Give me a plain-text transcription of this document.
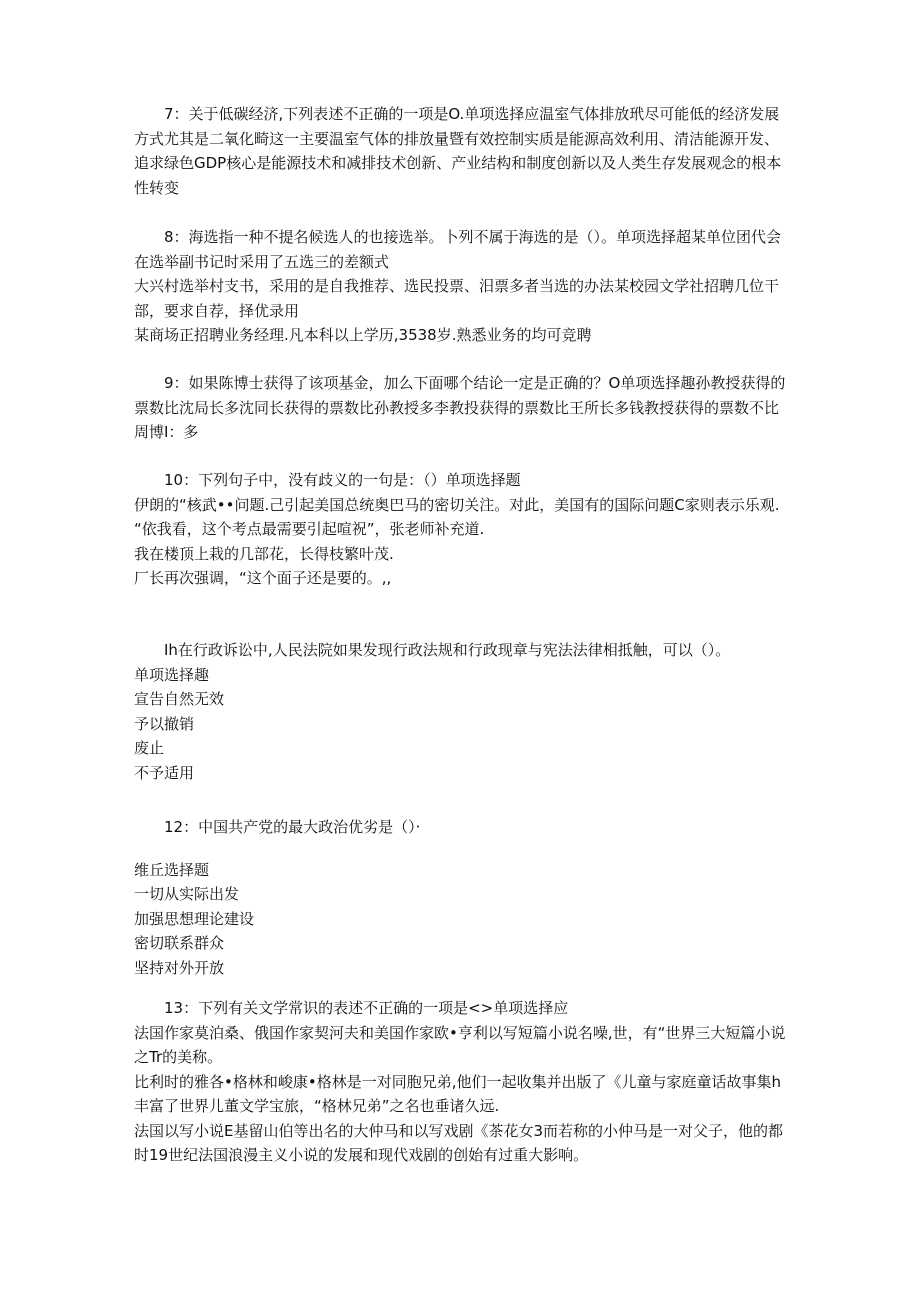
7：关于低碳经济,下列表述不正确的一项是O.单项选择应温室气体排放玳尽可能低的经济发展方式尤其是二氧化畸这一主要温室气体的排放量暨有效控制实质是能源高效利用、清洁能源开发、追求绿色GDP核心是能源技术和减排技术创新、产业结构和制度创新以及人类生存发展观念的根本性转变

8：海选指一种不提名候选人的也接选举。卜列不属于海选的是（）。单项选择超某单位团代会在选举副书记时采用了五选三的差额式

大兴村选举村支书，采用的是自我推荐、选民投票、汨票多者当选的办法某校园文学社招聘几位干部，要求自荐，择优录用

某商场正招聘业务经理.凡本科以上学历,3538岁.熟悉业务的均可竞聘

9：如果陈博士获得了该项基金，加么下面哪个结论一定是正确的？O单项选择趣孙教授获得的票数比沈局长多沈同长获得的票数比孙教授多李教投获得的票数比王所长多钱教授获得的票数不比周博I：多

10：下列句子中，没有歧义的一句是：（）单项选择题

伊朗的“核武••问题.己引起美国总统奥巴马的密切关注。对此，美国有的国际问题C家则表示乐观.

“依我看，这个考点最需要引起喧祝”，张老师补充道.

我在楼顶上栽的几部花，长得枝繁叶茂.

厂长再次强调，“这个面子还是要的。,,

Ih在行政诉讼中,人民法院如果发现行政法规和行政现章与宪法法律相抵触，可以（）。

单项选择趣

宣告自然无效

予以撤销

废止

不予适用

12：中国共产党的最大政治优劣是（）·

维丘选择题

一切从实际出发

加强思想理论建设

密切联系群众

坚持对外开放

13：下列有关文学常识的表述不正确的一项是<>单项选择应

法国作家莫泊桑、俄国作家契河夫和美国作家欧•亨利以写短篇小说名噪,世，有“世界三大短篇小说之Tr的美称。

比利时的雅各•格林和峻康•格林是一对同胞兄弟,他们一起收集并出版了《儿童与家庭童话故事集h丰富了世界儿董文学宝旅，“格林兄弟”之名也垂诸久远.

法国以写小说E基留山伯等出名的大仲马和以写戏剧《茶花女3而若称的小仲马是一对父子，他的都时19世纪法国浪漫主义小说的发展和现代戏剧的创始有过重大影响。
